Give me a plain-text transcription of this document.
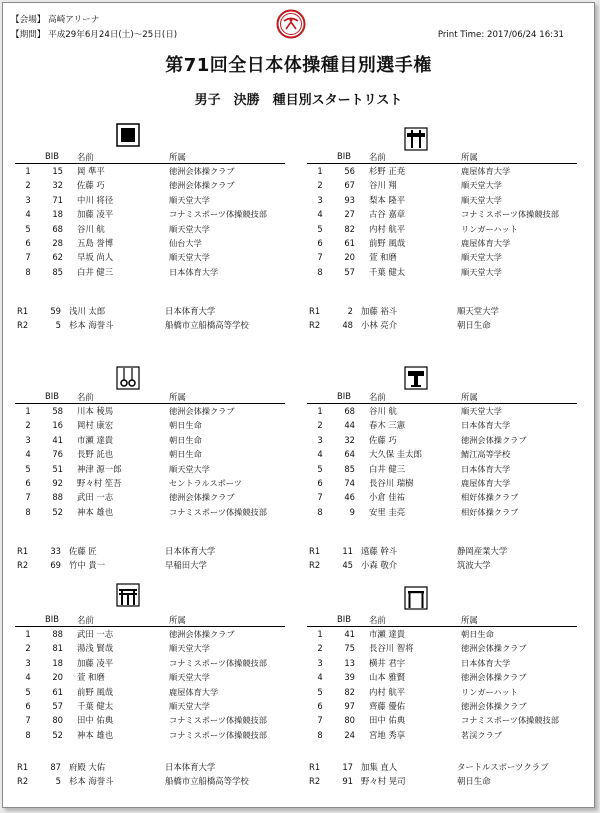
【会場】 高崎アリーナ
【期間】 平成29年6月24日(土)～25日(日)	Print Time: 2017/06/24 16:31
第71回全日本体操種目別選手権
男子　決勝　種目別スタートリスト
BIB 名前	所属
1	15 岡 準平	徳洲会体操クラブ
2	32 佐藤 巧	徳洲会体操クラブ
3	71 中川 将径	順天堂大学
4	18 加藤 凌平	コナミスポーツ体操競技部
5	68 谷川 航	順天堂大学
6	28 五島 誉博	仙台大学
7	62 早坂 尚人	順天堂大学
8	85 白井 健三	日本体育大学
BIB 名前	所属
1	56 杉野 正尭	鹿屋体育大学
2	67 谷川 翔	順天堂大学
3	93 梨本 隆平	順天堂大学
4	27 古谷 嘉章	コナミスポーツ体操競技部
5	82 内村 航平	リンガーハット
6	61 前野 風哉	鹿屋体育大学
7	20 萱 和磨	順天堂大学
8	57 千葉 健太	順天堂大学
BIB 名前	所属
1	58 川本 稜馬	徳洲会体操クラブ
2	16 岡村 康宏	朝日生命
3	41 市瀬 達貴	朝日生命
4	76 長野 託也	朝日生命
5	51 神津 源一郎	順天堂大学
6	92 野々村 笙吾	セントラルスポーツ
7	88 武田 一志	徳洲会体操クラブ
8	52 神本 雄也	コナミスポーツ体操競技部
BIB 名前	所属
1	68 谷川 航	順天堂大学
2	44 春木 三憲	日本体育大学
3	32 佐藤 巧	徳洲会体操クラブ
4	64 大久保 圭太郎	鯖江高等学校
5	85 白井 健三	日本体育大学
6	74 長谷川 瑞樹	鹿屋体育大学
7	46 小倉 佳祐	相好体操クラブ
8	9 安里 圭亮	相好体操クラブ
BIB 名前	所属
1	88 武田 一志	徳洲会体操クラブ
2	81 湯浅 賢哉	順天堂大学
3	18 加藤 凌平	コナミスポーツ体操競技部
4	20 萱 和磨	順天堂大学
5	61 前野 風哉	鹿屋体育大学
6	57 千葉 健太	順天堂大学
7	80 田中 佑典	コナミスポーツ体操競技部
8	52 神本 雄也	コナミスポーツ体操競技部
BIB 名前	所属
1	41 市瀬 達貴	朝日生命
2	75 長谷川 智将	徳洲会体操クラブ
3	13 横井 君宇	日本体育大学
4	39 山本 雅賢	徳洲会体操クラブ
5	82 内村 航平	リンガーハット
6	97 齊藤 優佑	徳洲会体操クラブ
7	80 田中 佑典	コナミスポーツ体操競技部
8	24 宮地 秀享	茗渓クラブ
R1	59 浅川 太郎	日本体育大学
R2	5 杉本 海誉斗	船橋市立船橋高等学校
R1	2 加藤 裕斗	順天堂大学
R2	48 小林 亮介	朝日生命
R1	33 佐藤 匠	日本体育大学
R2	69 竹中 貴一	早稲田大学
R1	11 遠藤 幹斗	静岡産業大学
R2	45 小森 敬介	筑波大学
R1	87 府殿 大佑	日本体育大学
R2	5 杉本 海誉斗	船橋市立船橋高等学校
R1	17 加集 直人	タートルスポーツクラブ
R2	91 野々村 晃司	朝日生命
